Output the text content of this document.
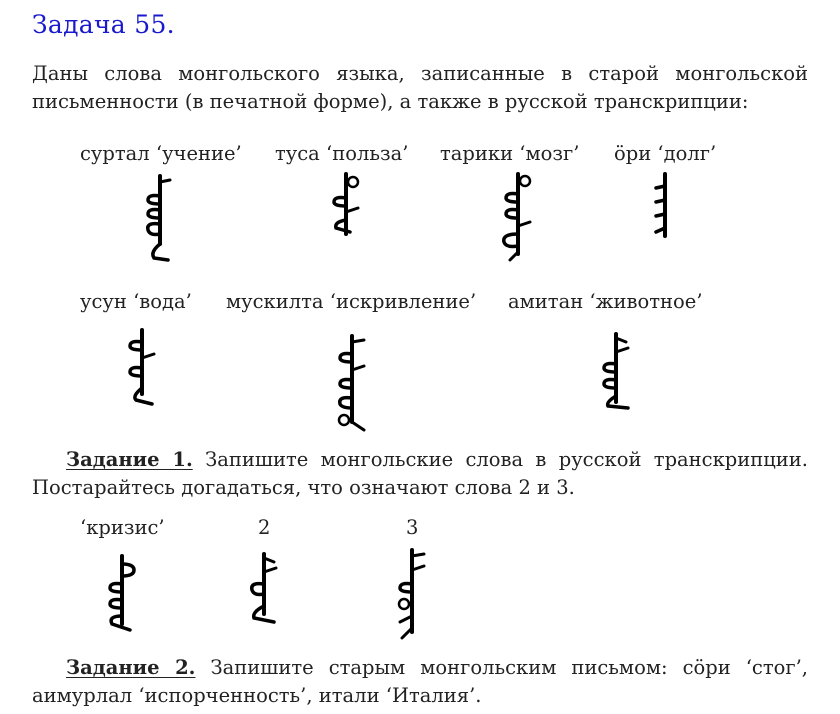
Задача 55.
Даны слова монгольского языка, записанные в старой монгольской письменности (в печатной форме), а также в русской транскрипции:
суртал ‘учение’ туса ‘польза’ тарики ‘мозг’ öри ‘долг’
усун ‘вода’ мускилта ‘искривление’ амитан ‘животное’
Задание 1. Запишите монгольские слова в русской транскрипции. Постарайтесь догадаться, что означают слова 2 и 3.
‘кризис’	2	3
Задание 2. Запишите старым монгольским письмом: сöри ‘стог’, аимурлал ‘испорченность’, итали ‘Италия’.
